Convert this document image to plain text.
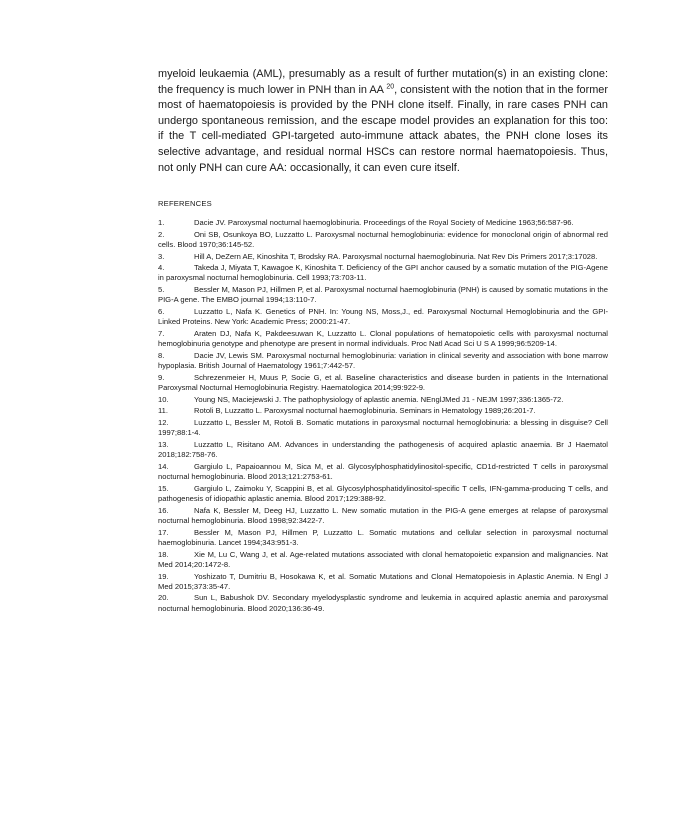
myeloid leukaemia (AML), presumably as a result of further mutation(s) in an existing clone: the frequency is much lower in PNH than in AA $^{20}$, consistent with the notion that in the former most of haematopoiesis is provided by the PNH clone itself. Finally, in rare cases PNH can undergo spontaneous remission, and the escape model provides an explanation for this too: if the T cell-mediated GPI-targeted auto-immune attack abates, the PNH clone loses its selective advantage, and residual normal HSCs can restore normal haematopoiesis. Thus, not only PNH can cure AA: occasionally, it can even cure itself.

REFERENCES
1.	Dacie JV. Paroxysmal nocturnal haemoglobinuria. Proceedings of the Royal Society of Medicine 1963;56:587-96.
2.	Oni SB, Osunkoya BO, Luzzatto L. Paroxysmal nocturnal hemoglobinuria: evidence for monoclonal origin of abnormal red cells. Blood 1970;36:145-52.
3.	Hill A, DeZern AE, Kinoshita T, Brodsky RA. Paroxysmal nocturnal haemoglobinuria. Nat Rev Dis Primers 2017;3:17028.
4.	Takeda J, Miyata T, Kawagoe K, Kinoshita T. Deficiency of the GPI anchor caused by a somatic mutation of the PIG-Agene in paroxysmal nocturnal hemoglobinuria. Cell 1993;73:703-11.
5.	Bessler M, Mason PJ, Hillmen P, et al. Paroxysmal nocturnal haemoglobinuria (PNH) is caused by somatic mutations in the PIG-A gene. The EMBO journal 1994;13:110-7.
6.	Luzzatto L, Nafa K. Genetics of PNH. In: Young NS, Moss,J., ed. Paroxysmal Nocturnal Hemoglobinuria and the GPI-Linked Proteins. New York: Academic Press; 2000:21-47.
7.	Araten DJ, Nafa K, Pakdeesuwan K, Luzzatto L. Clonal populations of hematopoietic cells with paroxysmal nocturnal hemoglobinuria genotype and phenotype are present in normal individuals. Proc Natl Acad Sci U S A 1999;96:5209-14.
8.	Dacie JV, Lewis SM. Paroxysmal nocturnal hemoglobinuria: variation in clinical severity and association with bone marrow hypoplasia. British Journal of Haematology 1961;7:442-57.
9.	Schrezenmeier H, Muus P, Socie G, et al. Baseline characteristics and disease burden in patients in the International Paroxysmal Nocturnal Hemoglobinuria Registry. Haematologica 2014;99:922-9.
10.	Young NS, Maciejewski J. The pathophysiology of aplastic anemia. NEnglJMed J1 - NEJM 1997;336:1365-72.
11.	Rotoli B, Luzzatto L. Paroxysmal nocturnal haemoglobinuria. Seminars in Hematology 1989;26:201-7.
12.	Luzzatto L, Bessler M, Rotoli B. Somatic mutations in paroxysmal nocturnal hemoglobinuria: a blessing in disguise? Cell 1997;88:1-4.
13.	Luzzatto L, Risitano AM. Advances in understanding the pathogenesis of acquired aplastic anaemia. Br J Haematol 2018;182:758-76.
14.	Gargiulo L, Papaioannou M, Sica M, et al. Glycosylphosphatidylinositol-specific, CD1d-restricted T cells in paroxysmal nocturnal hemoglobinuria. Blood 2013;121:2753-61.
15.	Gargiulo L, Zaimoku Y, Scappini B, et al. Glycosylphosphatidylinositol-specific T cells, IFN-gamma-producing T cells, and pathogenesis of idiopathic aplastic anemia. Blood 2017;129:388-92.
16.	Nafa K, Bessler M, Deeg HJ, Luzzatto L. New somatic mutation in the PIG-A gene emerges at relapse of paroxysmal nocturnal hemoglobinuria. Blood 1998;92:3422-7.
17.	Bessler M, Mason PJ, Hillmen P, Luzzatto L. Somatic mutations and cellular selection in paroxysmal nocturnal haemoglobinuria. Lancet 1994;343:951-3.
18.	Xie M, Lu C, Wang J, et al. Age-related mutations associated with clonal hematopoietic expansion and malignancies. Nat Med 2014;20:1472-8.
19.	Yoshizato T, Dumitriu B, Hosokawa K, et al. Somatic Mutations and Clonal Hematopoiesis in Aplastic Anemia. N Engl J Med 2015;373:35-47.
20.	Sun L, Babushok DV. Secondary myelodysplastic syndrome and leukemia in acquired aplastic anemia and paroxysmal nocturnal hemoglobinuria. Blood 2020;136:36-49.
